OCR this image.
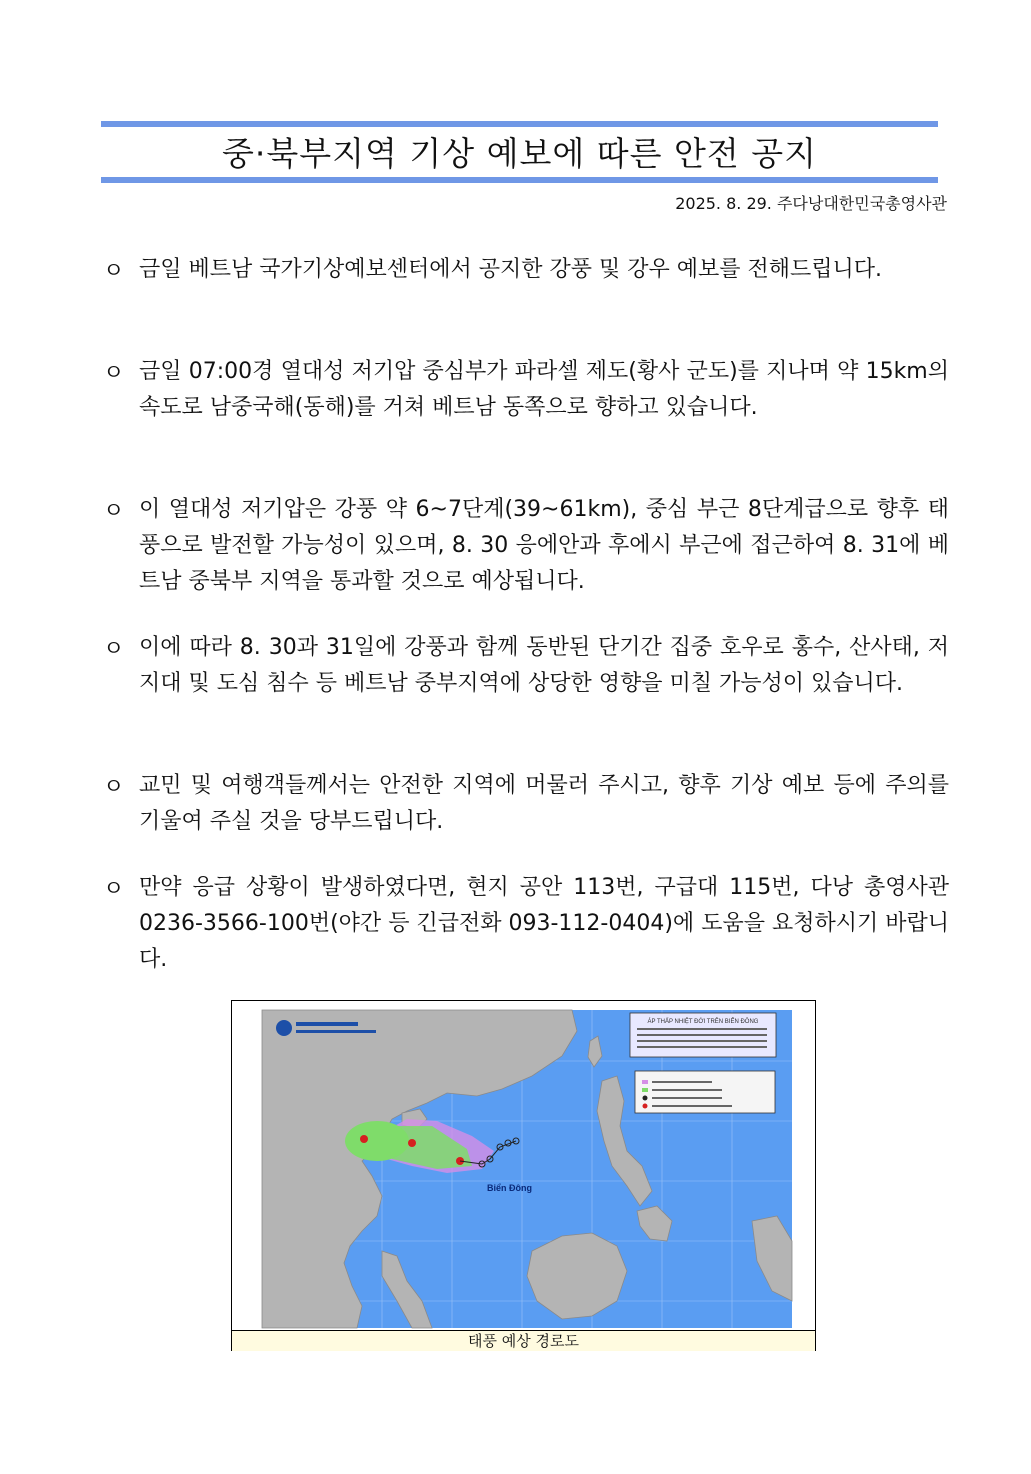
중·북부지역 기상 예보에 따른 안전 공지
2025. 8. 29. 주다낭대한민국총영사관
ㅇ 금일 베트남 국가기상예보센터에서 공지한 강풍 및 강우 예보를 전해드립니다.
ㅇ 금일 07:00경 열대성 저기압 중심부가 파라셀 제도(황사 군도)를 지나며 약 15km의 속도로 남중국해(동해)를 거쳐 베트남 동쪽으로 향하고 있습니다.
ㅇ 이 열대성 저기압은 강풍 약 6~7단계(39~61km), 중심 부근 8단계급으로 향후 태풍으로 발전할 가능성이 있으며, 8. 30 응에안과 후에시 부근에 접근하여 8. 31에 베트남 중북부 지역을 통과할 것으로 예상됩니다.
ㅇ 이에 따라 8. 30과 31일에 강풍과 함께 동반된 단기간 집중 호우로 홍수, 산사태, 저지대 및 도심 침수 등 베트남 중부지역에 상당한 영향을 미칠 가능성이 있습니다.
ㅇ 교민 및 여행객들께서는 안전한 지역에 머물러 주시고, 향후 기상 예보 등에 주의를 기울여 주실 것을 당부드립니다.
ㅇ 만약 응급 상황이 발생하였다면, 현지 공안 113번, 구급대 115번, 다낭 총영사관 0236-3566-100번(야간 등 긴급전화 093-112-0404)에 도움을 요청하시기 바랍니다.
ÁP THẤP NHIỆT ĐỚI TRÊN BIỂN ĐÔNG
Biển Đông
태풍 예상 경로도
